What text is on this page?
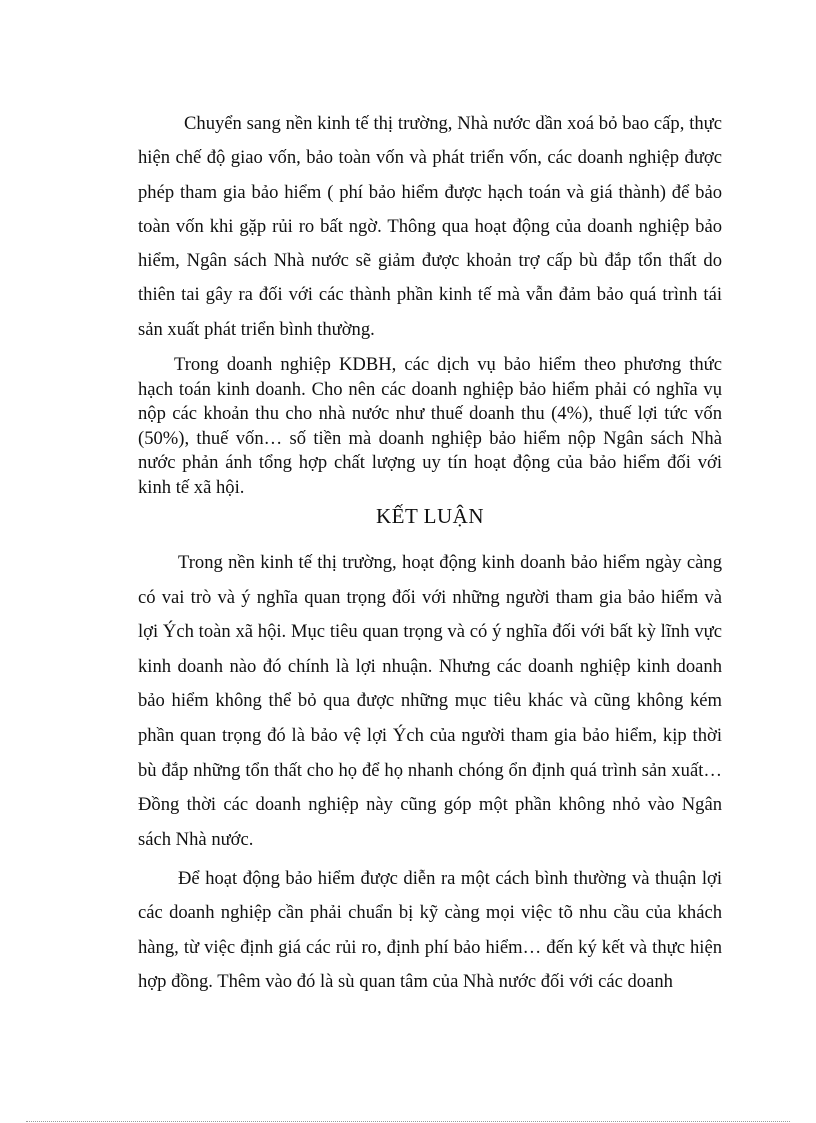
Chuyển sang nền kinh tế thị trường, Nhà nước dần xoá bỏ bao cấp, thực hiện chế độ giao vốn, bảo toàn vốn và phát triển vốn, các doanh nghiệp được phép tham gia bảo hiểm ( phí bảo hiểm được hạch toán và giá thành) để bảo toàn vốn khi gặp rủi ro bất ngờ. Thông qua hoạt động của doanh nghiệp bảo hiểm, Ngân sách Nhà nước sẽ giảm được khoản trợ cấp bù đắp tổn thất do thiên tai gây ra đối với các thành phần kinh tế mà vẫn đảm bảo quá trình tái sản xuất phát triển bình thường.

Trong doanh nghiệp KDBH, các dịch vụ bảo hiểm theo phương thức hạch toán kinh doanh. Cho nên các doanh nghiệp bảo hiểm phải có nghĩa vụ nộp các khoản thu cho nhà nước như thuế doanh thu (4%), thuế lợi tức vốn (50%), thuế vốn… số tiền mà doanh nghiệp bảo hiểm nộp Ngân sách Nhà nước phản ánh tổng hợp chất lượng uy tín hoạt động của bảo hiểm đối với kinh tế xã hội.

KẾT LUẬN

Trong nền kinh tế thị trường, hoạt động kinh doanh bảo hiểm ngày càng có vai trò và ý nghĩa quan trọng đối với những người tham gia bảo hiểm và lợi Ých toàn xã hội. Mục tiêu quan trọng và có ý nghĩa đối với bất kỳ lĩnh vực kinh doanh nào đó chính là lợi nhuận. Nhưng các doanh nghiệp kinh doanh bảo hiểm không thể bỏ qua được những mục tiêu khác và cũng không kém phần quan trọng đó là bảo vệ lợi Ých của người tham gia bảo hiểm, kịp thời bù đắp những tổn thất cho họ để họ nhanh chóng ổn định quá trình sản xuất… Đồng thời các doanh nghiệp này cũng góp một phần không nhỏ vào Ngân sách Nhà nước.

Để hoạt động bảo hiểm được diễn ra một cách bình thường và thuận lợi các doanh nghiệp cần phải chuẩn bị kỹ càng mọi việc tõ nhu cầu của khách hàng, từ việc định giá các rủi ro, định phí bảo hiểm… đến ký kết và thực hiện hợp đồng. Thêm vào đó là sù quan tâm của Nhà nước đối với các doanh
